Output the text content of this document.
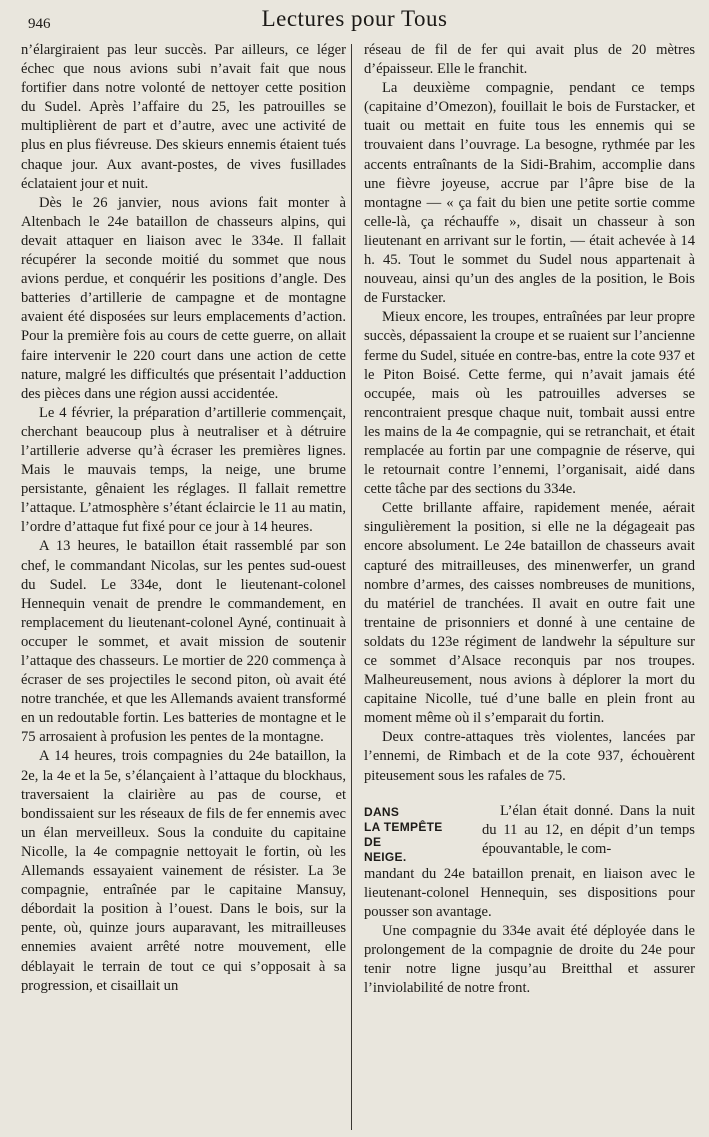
946	Lectures pour Tous

n’élargiraient pas leur succès. Par ailleurs, ce léger échec que nous avions subi n’avait fait que nous fortifier dans notre volonté de nettoyer cette position du Sudel. Après l’affaire du 25, les patrouilles se multiplièrent de part et d’autre, avec une activité de plus en plus fiévreuse. Des skieurs ennemis étaient tués chaque jour. Aux avant-postes, de vives fusillades éclataient jour et nuit.

Dès le 26 janvier, nous avions fait monter à Altenbach le 24e bataillon de chasseurs alpins, qui devait attaquer en liaison avec le 334e. Il fallait récupérer la seconde moitié du sommet que nous avions perdue, et conquérir les positions d’angle. Des batteries d’artillerie de campagne et de montagne avaient été disposées sur leurs emplacements d’action. Pour la première fois au cours de cette guerre, on allait faire intervenir le 220 court dans une action de cette nature, malgré les difficultés que présentait l’adduction des pièces dans une région aussi accidentée.

Le 4 février, la préparation d’artillerie commençait, cherchant beaucoup plus à neutraliser et à détruire l’artillerie adverse qu’à écraser les premières lignes. Mais le mauvais temps, la neige, une brume persistante, gênaient les réglages. Il fallait remettre l’attaque. L’atmosphère s’étant éclaircie le 11 au matin, l’ordre d’attaque fut fixé pour ce jour à 14 heures.

A 13 heures, le bataillon était rassemblé par son chef, le commandant Nicolas, sur les pentes sud-ouest du Sudel. Le 334e, dont le lieutenant-colonel Hennequin venait de prendre le commandement, en remplacement du lieutenant-colonel Ayné, continuait à occuper le sommet, et avait mission de soutenir l’attaque des chasseurs. Le mortier de 220 commença à écraser de ses projectiles le second piton, où avait été notre tranchée, et que les Allemands avaient transformé en un redoutable fortin. Les batteries de montagne et le 75 arrosaient à profusion les pentes de la montagne.

A 14 heures, trois compagnies du 24e bataillon, la 2e, la 4e et la 5e, s’élançaient à l’attaque du blockhaus, traversaient la clairière au pas de course, et bondissaient sur les réseaux de fils de fer ennemis avec un élan merveilleux. Sous la conduite du capitaine Nicolle, la 4e compagnie nettoyait le fortin, où les Allemands essayaient vainement de résister. La 3e compagnie, entraînée par le capitaine Mansuy, débordait la position à l’ouest. Dans le bois, sur la pente, où, quinze jours auparavant, les mitrailleuses ennemies avaient arrêté notre mouvement, elle déblayait le terrain de tout ce qui s’opposait à sa progression, et cisaillait un

réseau de fil de fer qui avait plus de 20 mètres d’épaisseur. Elle le franchit.

La deuxième compagnie, pendant ce temps (capitaine d’Omezon), fouillait le bois de Furstacker, et tuait ou mettait en fuite tous les ennemis qui se trouvaient dans l’ouvrage. La besogne, rythmée par les accents entraînants de la Sidi-Brahim, accomplie dans une fièvre joyeuse, accrue par l’âpre bise de la montagne — « ça fait du bien une petite sortie comme celle-là, ça réchauffe », disait un chasseur à son lieutenant en arrivant sur le fortin, — était achevée à 14 h. 45. Tout le sommet du Sudel nous appartenait à nouveau, ainsi qu’un des angles de la position, le Bois de Furstacker.

Mieux encore, les troupes, entraînées par leur propre succès, dépassaient la croupe et se ruaient sur l’ancienne ferme du Sudel, située en contre-bas, entre la cote 937 et le Piton Boisé. Cette ferme, qui n’avait jamais été occupée, mais où les patrouilles adverses se rencontraient presque chaque nuit, tombait aussi entre les mains de la 4e compagnie, qui se retranchait, et était remplacée au fortin par une compagnie de réserve, qui le retournait contre l’ennemi, l’organisait, aidé dans cette tâche par des sections du 334e.

Cette brillante affaire, rapidement menée, aérait singulièrement la position, si elle ne la dégageait pas encore absolument. Le 24e bataillon de chasseurs avait capturé des mitrailleuses, des minenwerfer, un grand nombre d’armes, des caisses nombreuses de munitions, du matériel de tranchées. Il avait en outre fait une trentaine de prisonniers et donné à une centaine de soldats du 123e régiment de landwehr la sépulture sur ce sommet d’Alsace reconquis par nos troupes. Malheureusement, nous avions à déplorer la mort du capitaine Nicolle, tué d’une balle en plein front au moment même où il s’emparait du fortin.

Deux contre-attaques très violentes, lancées par l’ennemi, de Rimbach et de la cote 937, échouèrent piteusement sous les rafales de 75.

DANS
LA TEMPÊTE
DE
NEIGE.

L’élan était donné. Dans la nuit du 11 au 12, en dépit d’un temps épouvantable, le com-

mandant du 24e bataillon prenait, en liaison avec le lieutenant-colonel Hennequin, ses dispositions pour pousser son avantage.

Une compagnie du 334e avait été déployée dans le prolongement de la compagnie de droite du 24e pour tenir notre ligne jusqu’au Breitthal et assurer l’inviolabilité de notre front.
